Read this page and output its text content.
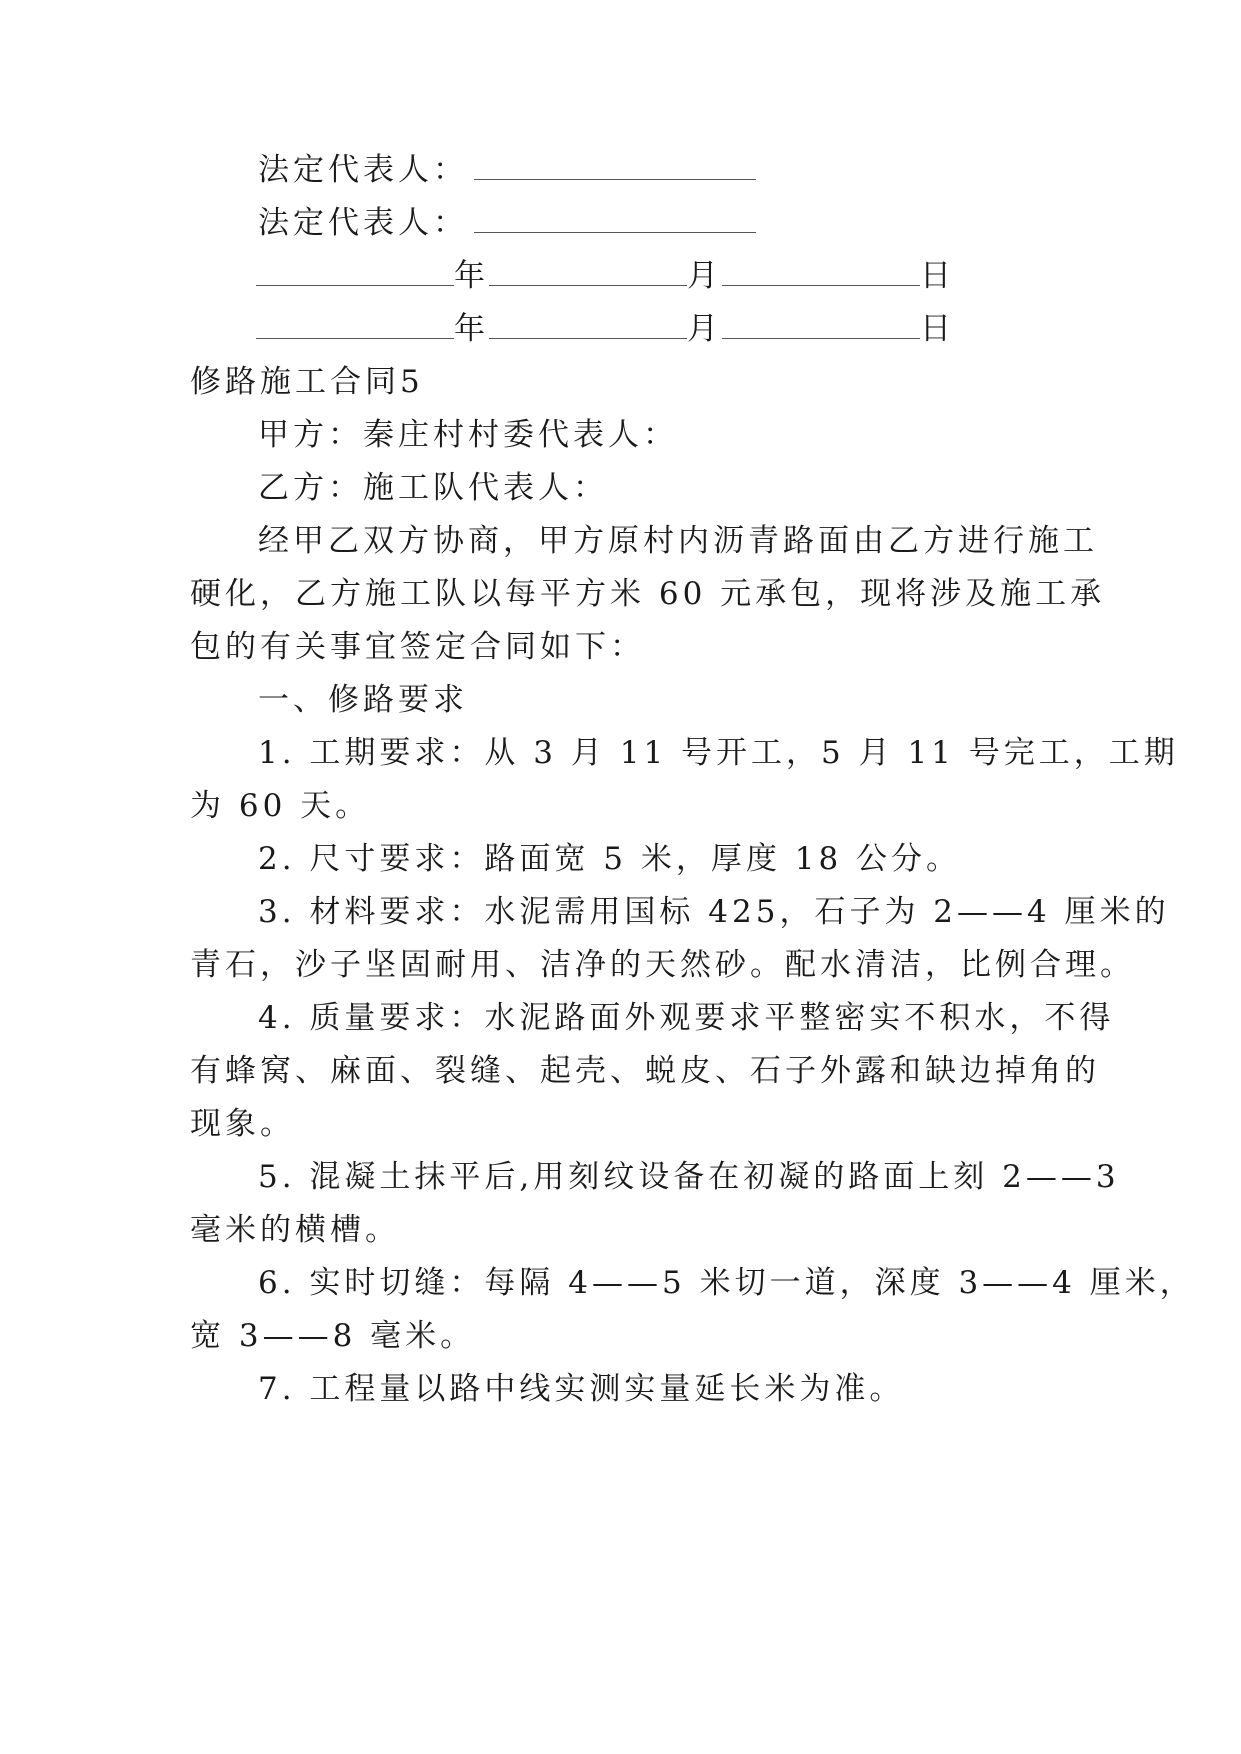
法定代表人：
法定代表人：
年	月	日
年	月	日
修路施工合同5
甲方：秦庄村村委代表人：
乙方：施工队代表人：
经甲乙双方协商，甲方原村内沥青路面由乙方进行施工
硬化，乙方施工队以每平方米 60 元承包，现将涉及施工承
包的有关事宜签定合同如下：
一、修路要求
1. 工期要求：从 3 月 11 号开工，5 月 11 号完工，工期
为 60 天。
2. 尺寸要求：路面宽 5 米，厚度 18 公分。
3. 材料要求：水泥需用国标 425，石子为 2——4 厘米的
青石，沙子坚固耐用、洁净的天然砂。配水清洁，比例合理。
4. 质量要求：水泥路面外观要求平整密实不积水，不得
有蜂窝、麻面、裂缝、起壳、蜕皮、石子外露和缺边掉角的
现象。
5. 混凝土抹平后,用刻纹设备在初凝的路面上刻 2——3
毫米的横槽。
6. 实时切缝：每隔 4——5 米切一道，深度 3——4 厘米，
宽 3——8 毫米。
7. 工程量以路中线实测实量延长米为准。
